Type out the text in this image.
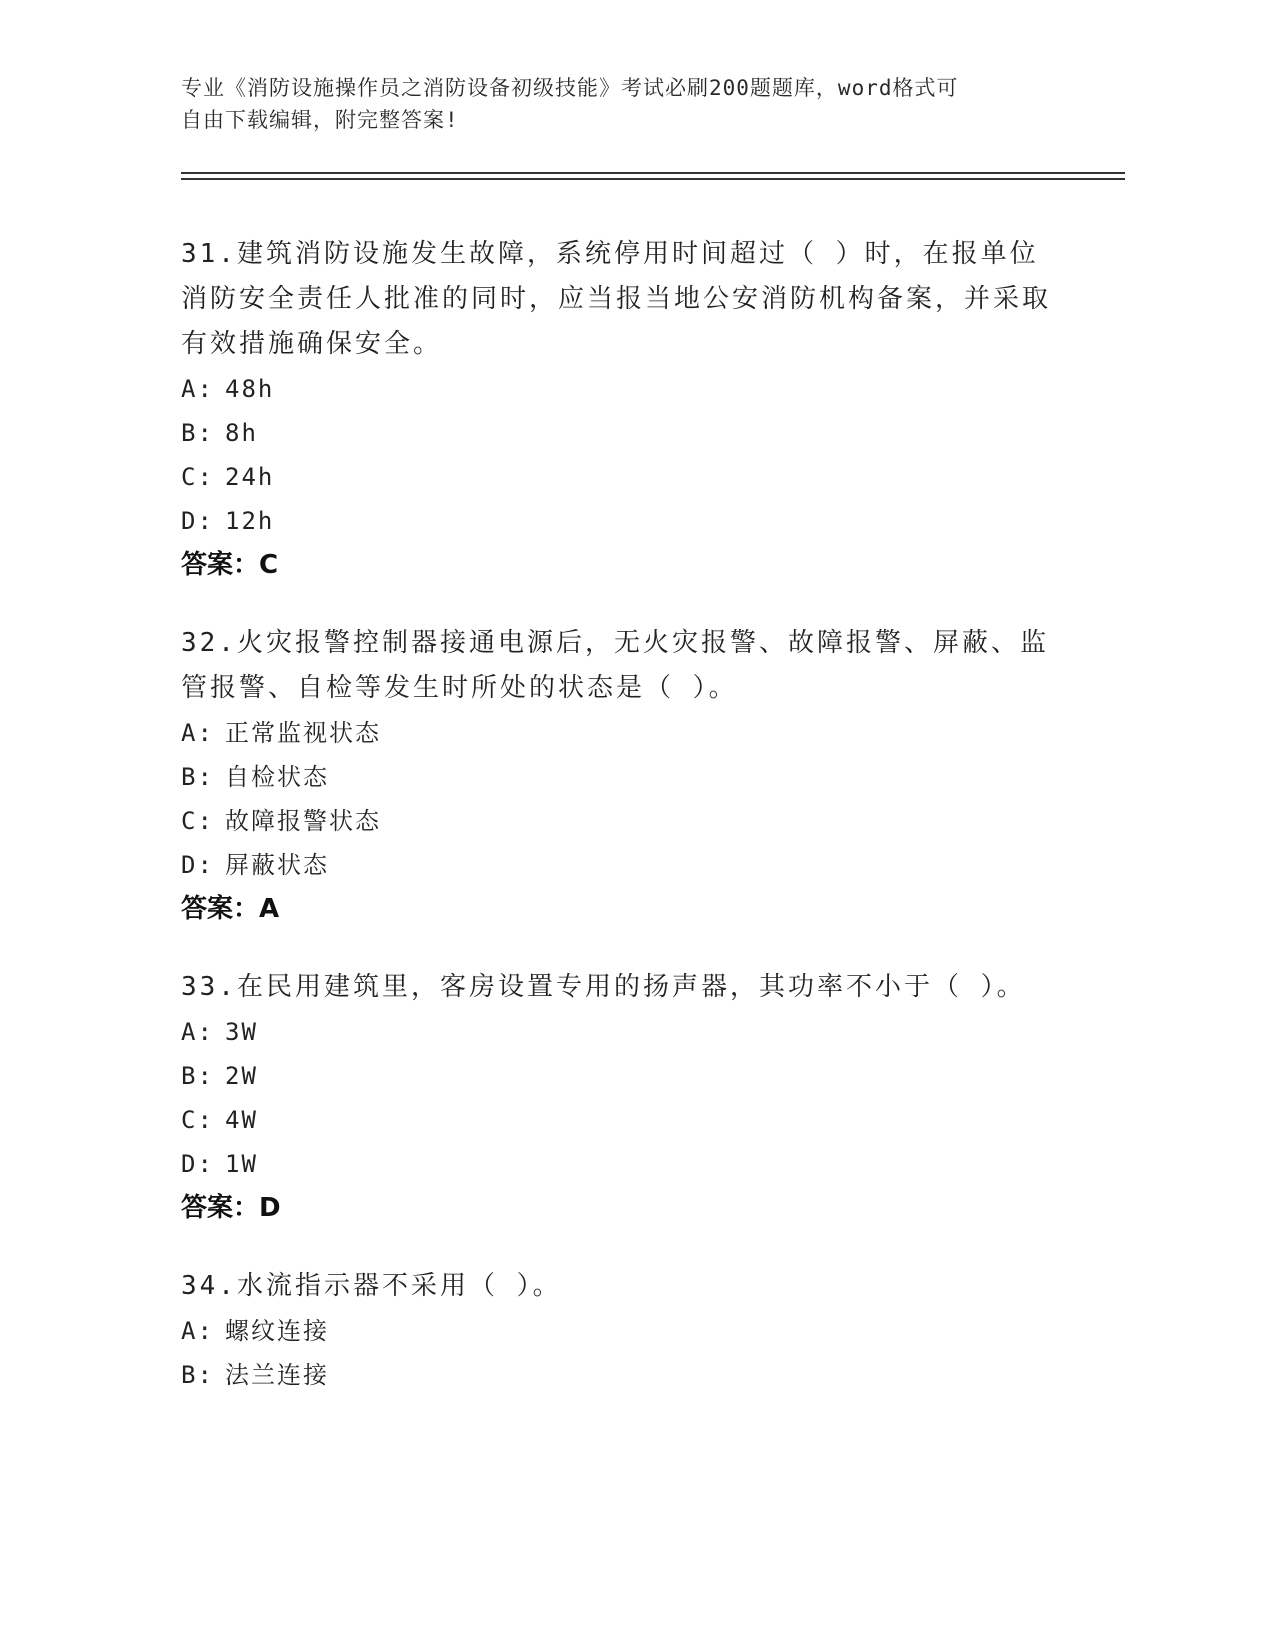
专业《消防设施操作员之消防设备初级技能》考试必刷200题题库，word格式可
自由下载编辑，附完整答案!

31.建筑消防设施发生故障，系统停用时间超过（ ）时，在报单位消防安全责任人批准的同时，应当报当地公安消防机构备案，并采取有效措施确保安全。

A: 48h
B: 8h
C: 24h
D: 12h

答案：C

32.火灾报警控制器接通电源后，无火灾报警、故障报警、屏蔽、监管报警、自检等发生时所处的状态是（ ）。

A: 正常监视状态
B: 自检状态
C: 故障报警状态
D: 屏蔽状态

答案：A

33.在民用建筑里，客房设置专用的扬声器，其功率不小于（ ）。

A: 3W
B: 2W
C: 4W
D: 1W

答案：D

34.水流指示器不采用（ ）。

A: 螺纹连接
B: 法兰连接
